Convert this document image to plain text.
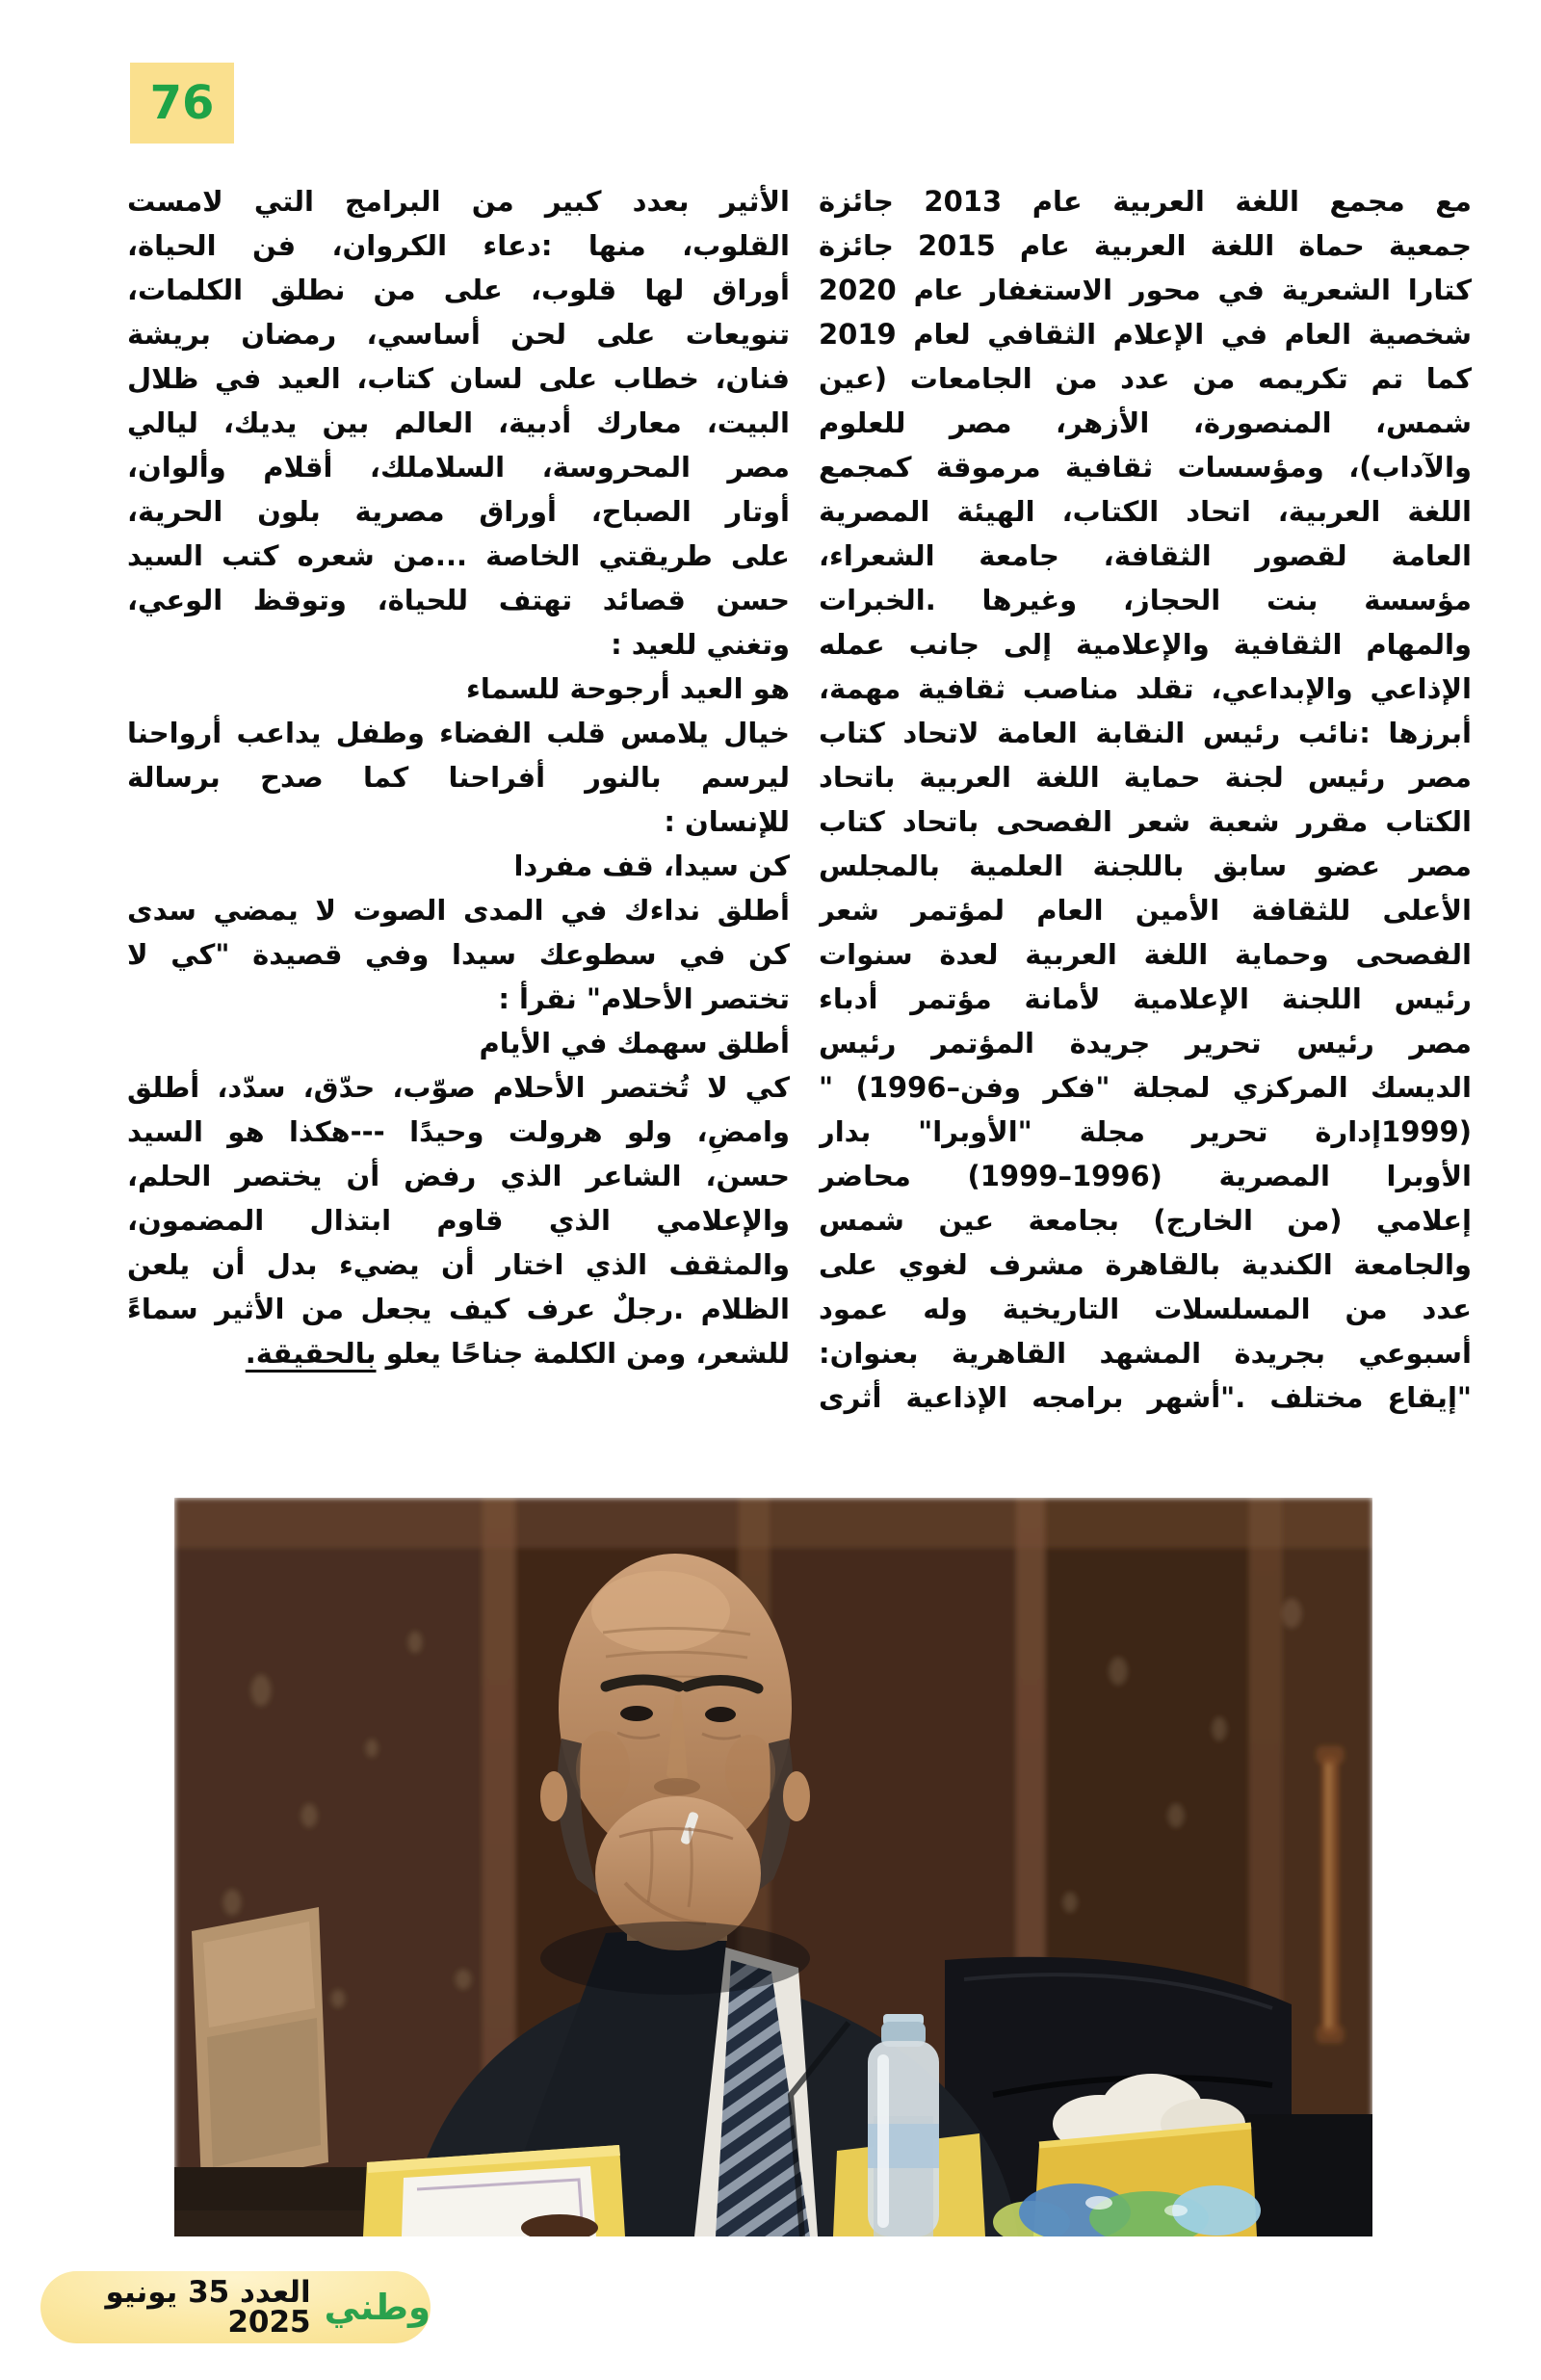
76
مع مجمع اللغة العربية عام 2013 جائزة
جمعية حماة اللغة العربية عام 2015 جائزة
كتارا الشعرية في محور الاستغفار عام 2020
شخصية العام في الإعلام الثقافي لعام 2019
كما تم تكريمه من عدد من الجامعات (عين
شمس، المنصورة، الأزهر، مصر للعلوم
والآداب)، ومؤسسات ثقافية مرموقة كمجمع
اللغة العربية، اتحاد الكتاب، الهيئة المصرية
العامة لقصور الثقافة، جامعة الشعراء،
مؤسسة بنت الحجاز، وغيرها .الخبرات
والمهام الثقافية والإعلامية إلى جانب عمله
الإذاعي والإبداعي، تقلد مناصب ثقافية مهمة،
أبرزها :نائب رئيس النقابة العامة لاتحاد كتاب
مصر رئيس لجنة حماية اللغة العربية باتحاد
الكتاب مقرر شعبة شعر الفصحى باتحاد كتاب
مصر عضو سابق باللجنة العلمية بالمجلس
الأعلى للثقافة الأمين العام لمؤتمر شعر
الفصحى وحماية اللغة العربية لعدة سنوات
رئيس اللجنة الإعلامية لأمانة مؤتمر أدباء
مصر رئيس تحرير جريدة المؤتمر رئيس
الديسك المركزي لمجلة "فكر وفن–1996) "
(1999إدارة تحرير مجلة "الأوبرا" بدار
الأوبرا المصرية (1996–1999) محاضر
إعلامي (من الخارج) بجامعة عين شمس
والجامعة الكندية بالقاهرة مشرف لغوي على
عدد من المسلسلات التاريخية وله عمود
أسبوعي بجريدة المشهد القاهرية بعنوان:
"إيقاع مختلف ."أشهر برامجه الإذاعية أثرى
الأثير بعدد كبير من البرامج التي لامست
القلوب، منها :دعاء الكروان، فن الحياة،
أوراق لها قلوب، على من نطلق الكلمات،
تنويعات على لحن أساسي، رمضان بريشة
فنان، خطاب على لسان كتاب، العيد في ظلال
البيت، معارك أدبية، العالم بين يديك، ليالي
مصر المحروسة، السلاملك، أقلام وألوان،
أوتار الصباح، أوراق مصرية بلون الحرية،
على طريقتي الخاصة ...من شعره كتب السيد
حسن قصائد تهتف للحياة، وتوقظ الوعي،
وتغني للعيد :
هو العيد أرجوحة للسماء
خيال يلامس قلب الفضاء وطفل يداعب أرواحنا
ليرسم بالنور أفراحنا كما صدح برسالة
للإنسان :
كن سيدا، قف مفردا
أطلق نداءك في المدى الصوت لا يمضي سدى
كن في سطوعك سيدا وفي قصيدة "كي لا
تختصر الأحلام" نقرأ :
أطلق سهمك في الأيام
كي لا تُختصر الأحلام صوّب، حدّق، سدّد، أطلق
وامضِ، ولو هرولت وحيدًا ---هكذا هو السيد
حسن، الشاعر الذي رفض أن يختصر الحلم،
والإعلامي الذي قاوم ابتذال المضمون،
والمثقف الذي اختار أن يضيء بدل أن يلعن
الظلام .رجلٌ عرف كيف يجعل من الأثير سماءً
للشعر، ومن الكلمة جناحًا يعلو بالحقيقة.
وطني
العدد 35 يونيو 2025
